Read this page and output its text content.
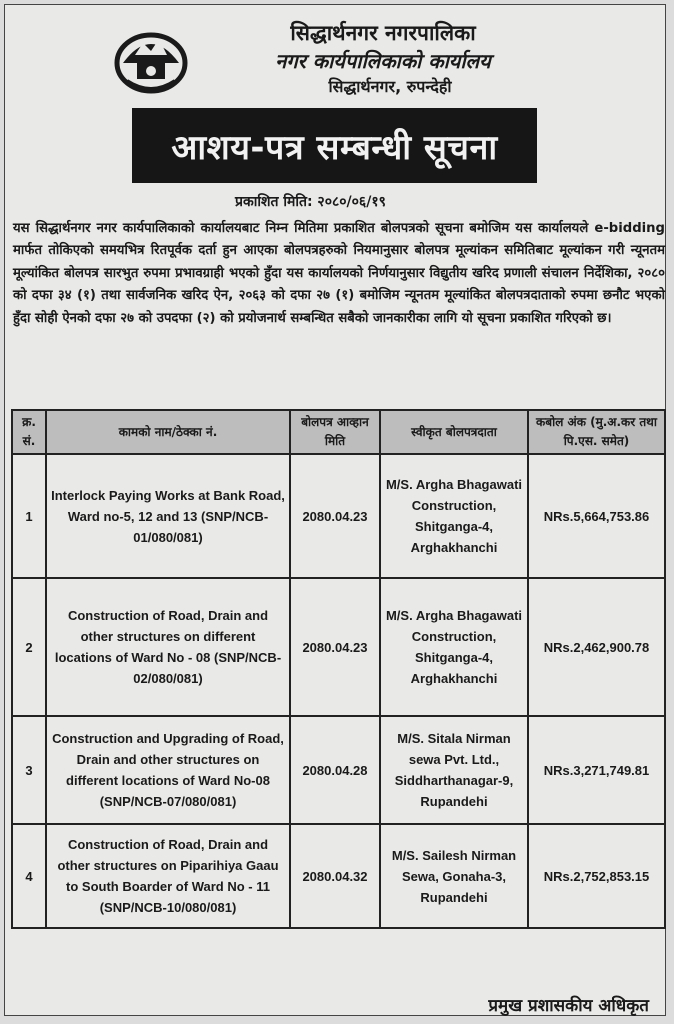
सिद्धार्थनगर नगरपालिका
नगर कार्यपालिकाको कार्यालय
सिद्धार्थनगर, रुपन्देही
आशय-पत्र सम्बन्धी सूचना
प्रकाशित मिति: २०८०/०६/१९
यस सिद्धार्थनगर नगर कार्यपालिकाको कार्यालयबाट निम्न मितिमा प्रकाशित बोलपत्रको सूचना बमोजिम यस कार्यालयले e-bidding मार्फत तोकिएको समयभित्र रितपूर्वक दर्ता हुन आएका बोलपत्रहरुको नियमानुसार बोलपत्र मूल्यांकन समितिबाट मूल्यांकन गरी न्यूनतम मूल्यांकित बोलपत्र सारभुत रुपमा प्रभावग्राही भएको हुँदा यस कार्यालयको निर्णयानुसार विद्युतीय खरिद प्रणाली संचालन निर्देशिका, २०८० को दफा ३४ (१) तथा सार्वजनिक खरिद ऐन, २०६३ को दफा २७ (१) बमोजिम न्यूनतम मूल्यांकित बोलपत्रदाताको रुपमा छनौट भएको हुँदा सोही ऐनको दफा २७ को उपदफा (२) को प्रयोजनार्थ सम्बन्धित सबैको जानकारीका लागि यो सूचना प्रकाशित गरिएको छ।
क्र. सं.	कामको नाम/ठेक्का नं.	बोलपत्र आव्हान मिति	स्वीकृत बोलपत्रदाता	कबोल अंक (मु.अ.कर तथा पि.एस. समेत)
1	Interlock Paying Works at Bank Road, Ward no-5, 12 and 13 (SNP/NCB-01/080/081)	2080.04.23	M/S. Argha Bhagawati Construction, Shitganga-4, Arghakhanchi	NRs.5,664,753.86
2	Construction of Road, Drain and other structures on different locations of Ward No - 08 (SNP/NCB-02/080/081)	2080.04.23	M/S. Argha Bhagawati Construction, Shitganga-4, Arghakhanchi	NRs.2,462,900.78
3	Construction and Upgrading of Road, Drain and other structures on different locations of Ward No-08 (SNP/NCB-07/080/081)	2080.04.28	M/S. Sitala Nirman sewa Pvt. Ltd., Siddharthanagar-9, Rupandehi	NRs.3,271,749.81
4	Construction of Road, Drain and other structures on Piparihiya Gaau to South Boarder of Ward No - 11 (SNP/NCB-10/080/081)	2080.04.32	M/S. Sailesh Nirman Sewa, Gonaha-3, Rupandehi	NRs.2,752,853.15
प्रमुख प्रशासकीय अधिकृत
